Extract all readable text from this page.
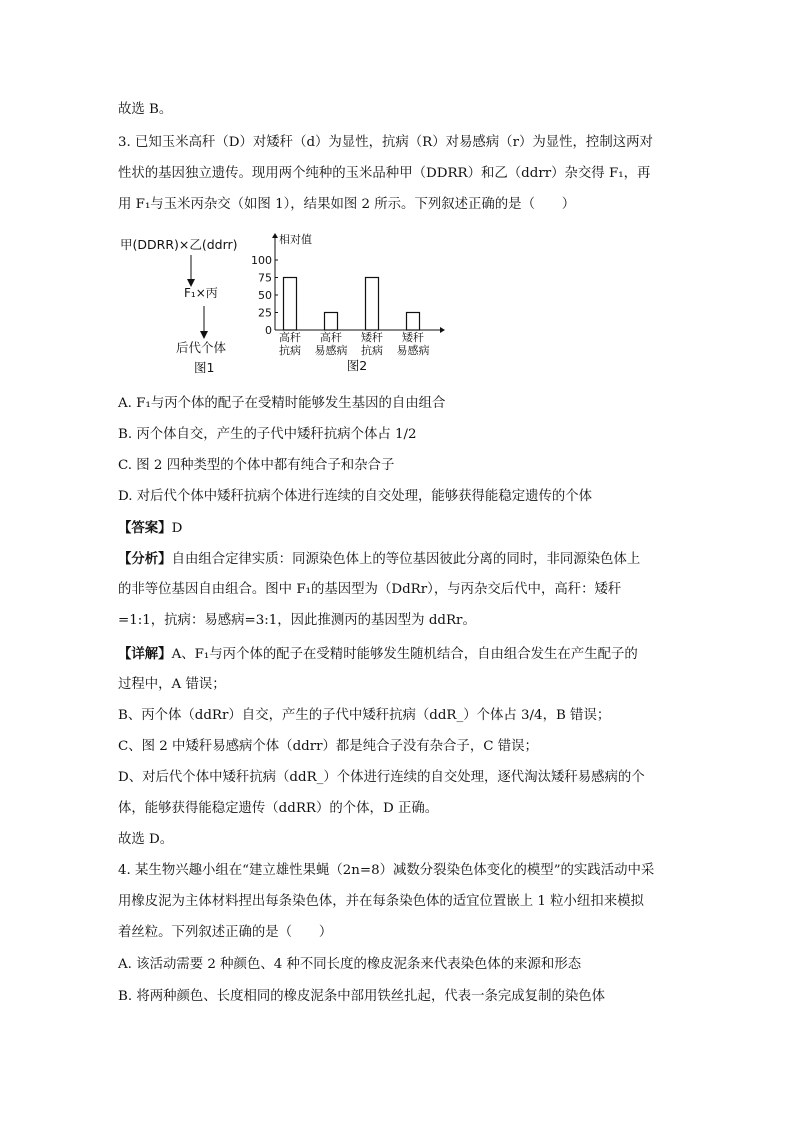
故选 B。
3. 已知玉米高秆（D）对矮秆（d）为显性，抗病（R）对易感病（r）为显性，控制这两对
性状的基因独立遗传。现用两个纯种的玉米品种甲（DDRR）和乙（ddrr）杂交得 F₁，再
用 F₁与玉米丙杂交（如图 1），结果如图 2 所示。下列叙述正确的是（　　）
甲(DDRR)×乙(ddrr)
F₁×丙
后代个体
图1
相对值
0
25
50
75
100
高秆
抗病
高秆
易感病
矮秆
抗病
矮秆
易感病
图2
A. F₁与丙个体的配子在受精时能够发生基因的自由组合
B. 丙个体自交，产生的子代中矮秆抗病个体占 1/2
C. 图 2 四种类型的个体中都有纯合子和杂合子
D. 对后代个体中矮秆抗病个体进行连续的自交处理，能够获得能稳定遗传的个体
【答案】D
【分析】自由组合定律实质：同源染色体上的等位基因彼此分离的同时，非同源染色体上
的非等位基因自由组合。图中 F₁的基因型为（DdRr），与丙杂交后代中，高秆：矮秆
=1:1，抗病：易感病=3:1，因此推测丙的基因型为 ddRr。
【详解】A、F₁与丙个体的配子在受精时能够发生随机结合，自由组合发生在产生配子的
过程中，A 错误；
B、丙个体（ddRr）自交，产生的子代中矮秆抗病（ddR_）个体占 3/4，B 错误；
C、图 2 中矮秆易感病个体（ddrr）都是纯合子没有杂合子，C 错误；
D、对后代个体中矮秆抗病（ddR_）个体进行连续的自交处理，逐代淘汰矮秆易感病的个
体，能够获得能稳定遗传（ddRR）的个体，D 正确。
故选 D。
4. 某生物兴趣小组在“建立雄性果蝇（2n=8）减数分裂染色体变化的模型”的实践活动中采
用橡皮泥为主体材料捏出每条染色体，并在每条染色体的适宜位置嵌上 1 粒小纽扣来模拟
着丝粒。下列叙述正确的是（　　）
A. 该活动需要 2 种颜色、4 种不同长度的橡皮泥条来代表染色体的来源和形态
B. 将两种颜色、长度相同的橡皮泥条中部用铁丝扎起，代表一条完成复制的染色体
